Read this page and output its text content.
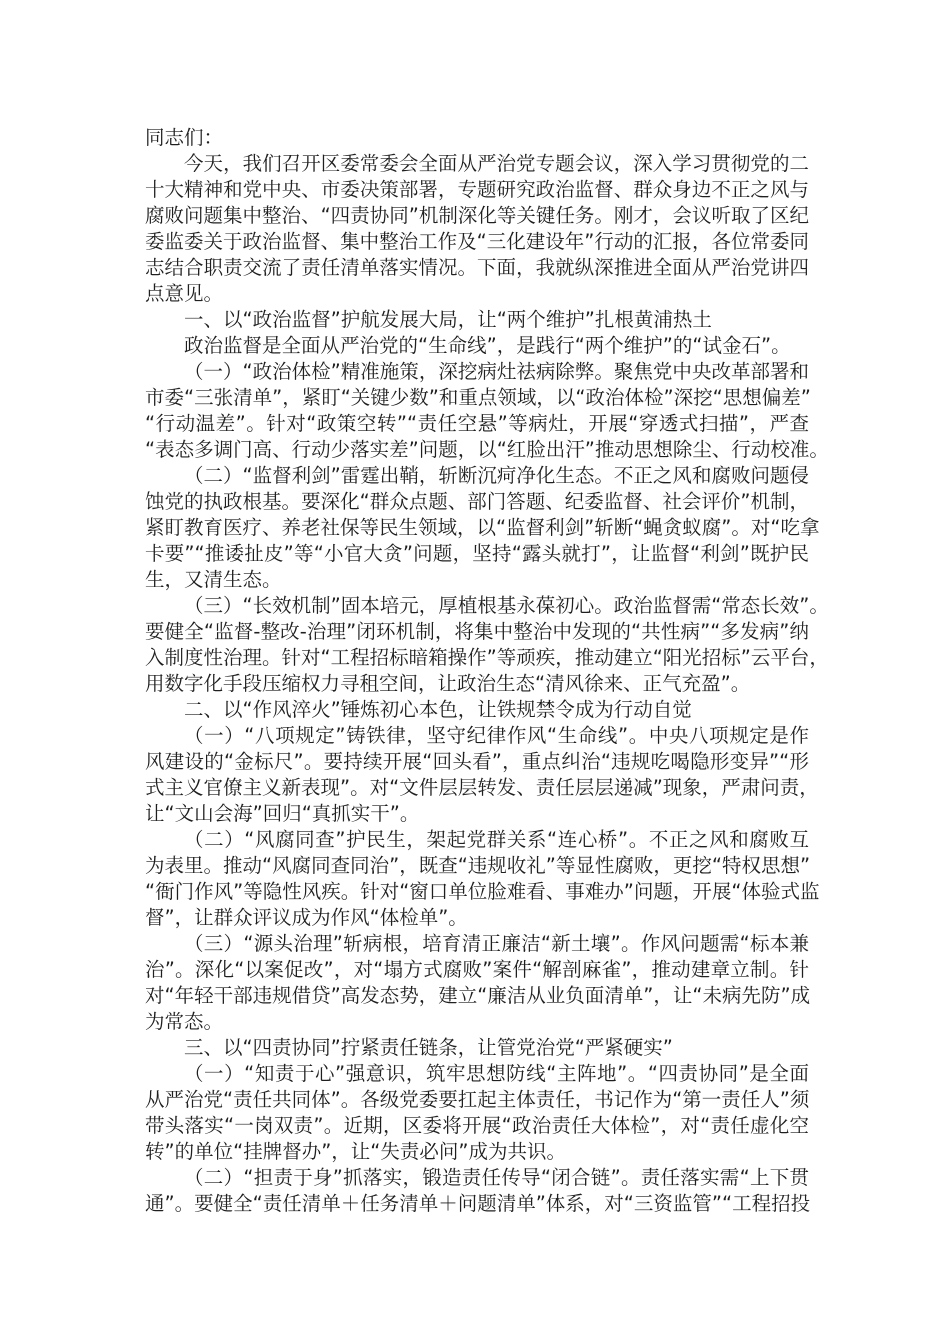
同志们：
今天，我们召开区委常委会全面从严治党专题会议，深入学习贯彻党的二
十大精神和党中央、市委决策部署，专题研究政治监督、群众身边不正之风与
腐败问题集中整治、“四责协同”机制深化等关键任务。刚才，会议听取了区纪
委监委关于政治监督、集中整治工作及“三化建设年”行动的汇报，各位常委同
志结合职责交流了责任清单落实情况。下面，我就纵深推进全面从严治党讲四
点意见。
一、以“政治监督”护航发展大局，让“两个维护”扎根黄浦热土
政治监督是全面从严治党的“生命线”，是践行“两个维护”的“试金石”。
（一）“政治体检”精准施策，深挖病灶祛病除弊。聚焦党中央改革部署和
市委“三张清单”，紧盯“关键少数”和重点领域，以“政治体检”深挖“思想偏差”
“行动温差”。针对“政策空转”“责任空悬”等病灶，开展“穿透式扫描”，严查
“表态多调门高、行动少落实差”问题，以“红脸出汗”推动思想除尘、行动校准。
（二）“监督利剑”雷霆出鞘，斩断沉疴净化生态。不正之风和腐败问题侵
蚀党的执政根基。要深化“群众点题、部门答题、纪委监督、社会评价”机制，
紧盯教育医疗、养老社保等民生领域，以“监督利剑”斩断“蝇贪蚁腐”。对“吃拿
卡要”“推诿扯皮”等“小官大贪”问题，坚持“露头就打”，让监督“利剑”既护民
生，又清生态。
（三）“长效机制”固本培元，厚植根基永葆初心。政治监督需“常态长效”。
要健全“监督-整改-治理”闭环机制，将集中整治中发现的“共性病”“多发病”纳
入制度性治理。针对“工程招标暗箱操作”等顽疾，推动建立“阳光招标”云平台，
用数字化手段压缩权力寻租空间，让政治生态“清风徐来、正气充盈”。
二、以“作风淬火”锤炼初心本色，让铁规禁令成为行动自觉
（一）“八项规定”铸铁律，坚守纪律作风“生命线”。中央八项规定是作
风建设的“金标尺”。要持续开展“回头看”，重点纠治“违规吃喝隐形变异”“形
式主义官僚主义新表现”。对“文件层层转发、责任层层递减”现象，严肃问责，
让“文山会海”回归“真抓实干”。
（二）“风腐同查”护民生，架起党群关系“连心桥”。不正之风和腐败互
为表里。推动“风腐同查同治”，既查“违规收礼”等显性腐败，更挖“特权思想”
“衙门作风”等隐性风疾。针对“窗口单位脸难看、事难办”问题，开展“体验式监
督”，让群众评议成为作风“体检单”。
（三）“源头治理”斩病根，培育清正廉洁“新土壤”。作风问题需“标本兼
治”。深化“以案促改”，对“塌方式腐败”案件“解剖麻雀”，推动建章立制。针
对“年轻干部违规借贷”高发态势，建立“廉洁从业负面清单”，让“未病先防”成
为常态。
三、以“四责协同”拧紧责任链条，让管党治党“严紧硬实”
（一）“知责于心”强意识，筑牢思想防线“主阵地”。“四责协同”是全面
从严治党“责任共同体”。各级党委要扛起主体责任，书记作为“第一责任人”须
带头落实“一岗双责”。近期，区委将开展“政治责任大体检”，对“责任虚化空
转”的单位“挂牌督办”，让“失责必问”成为共识。
（二）“担责于身”抓落实，锻造责任传导“闭合链”。责任落实需“上下贯
通”。要健全“责任清单＋任务清单＋问题清单”体系，对“三资监管”“工程招投
